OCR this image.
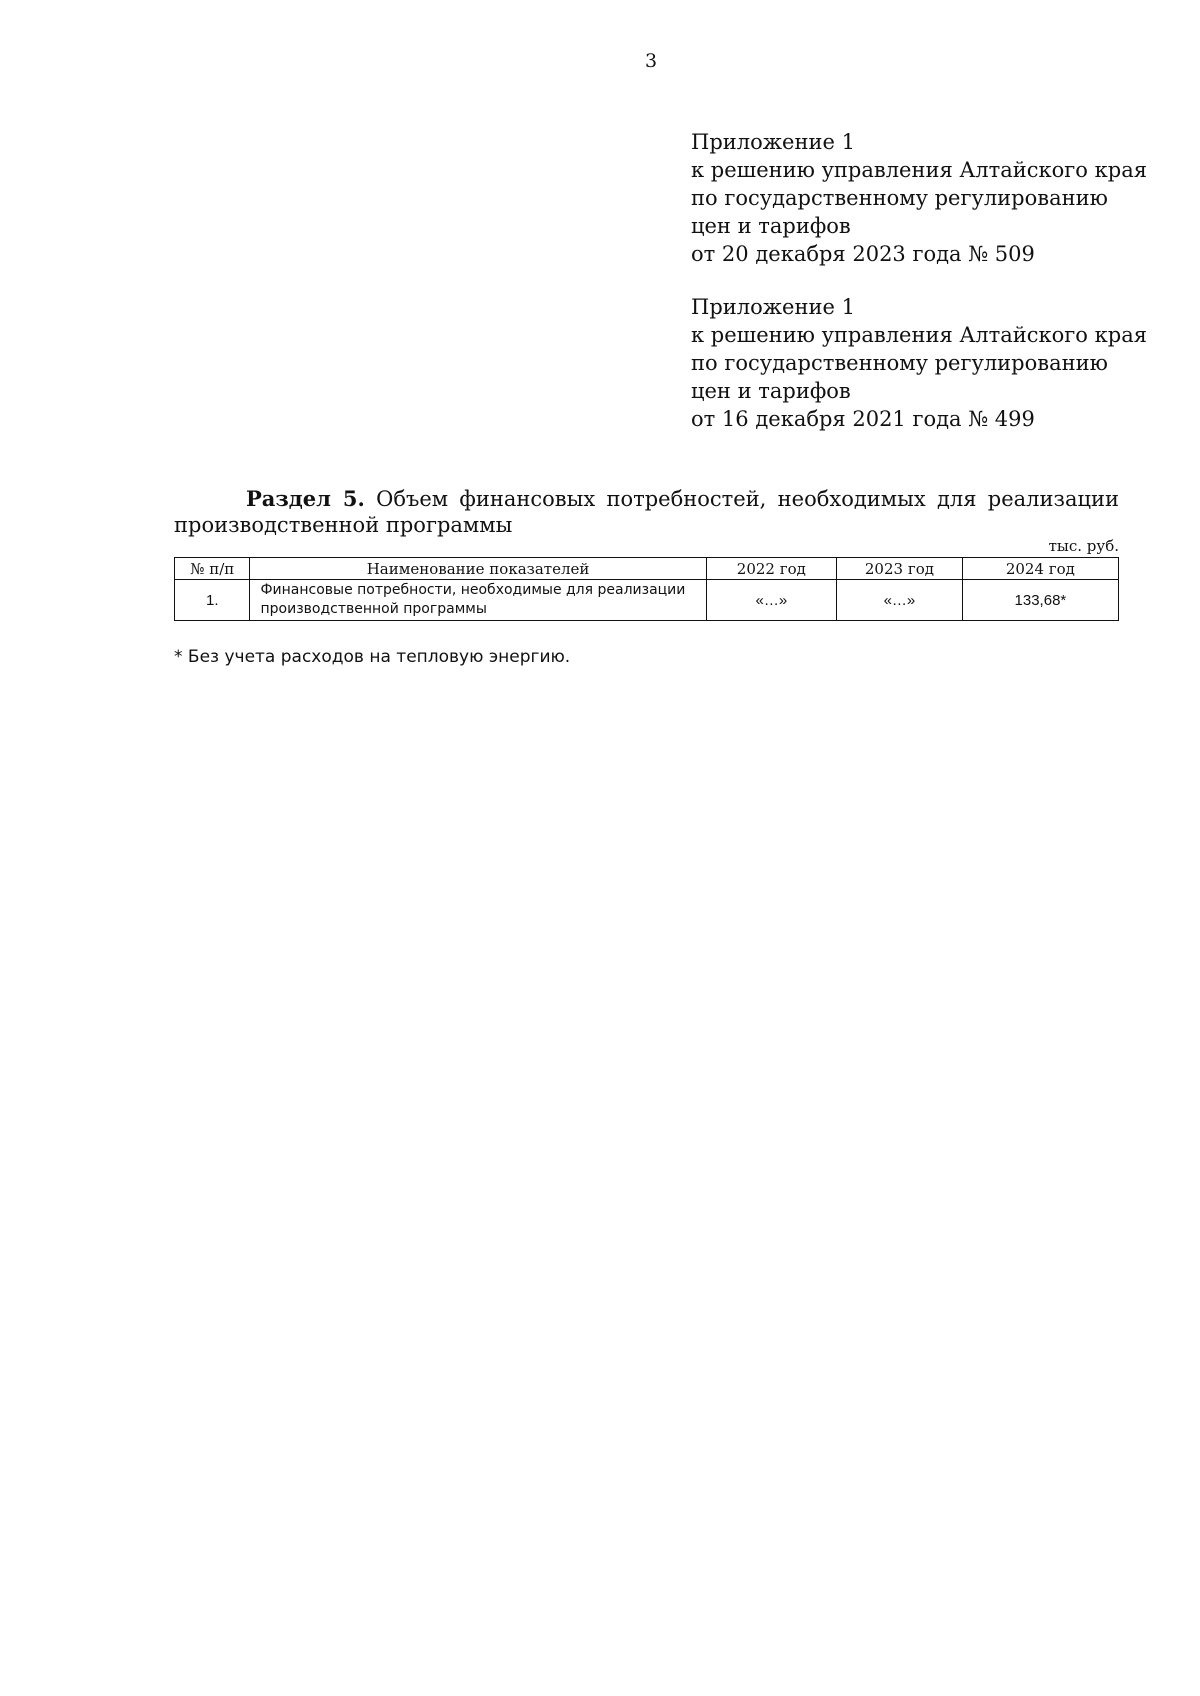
3
Приложение 1
к решению управления Алтайского края
по государственному регулированию
цен и тарифов
от 20 декабря 2023 года № 509
Приложение 1
к решению управления Алтайского края
по государственному регулированию
цен и тарифов
от 16 декабря 2021 года № 499
Раздел 5. Объем финансовых потребностей, необходимых для реализации
производственной программы
тыс. руб.
№ п/п	Наименование показателей	2022 год	2023 год	2024 год
1.	Финансовые потребности, необходимые для реализации
производственной программы	«…»	«…»	133,68*
* Без учета расходов на тепловую энергию.
